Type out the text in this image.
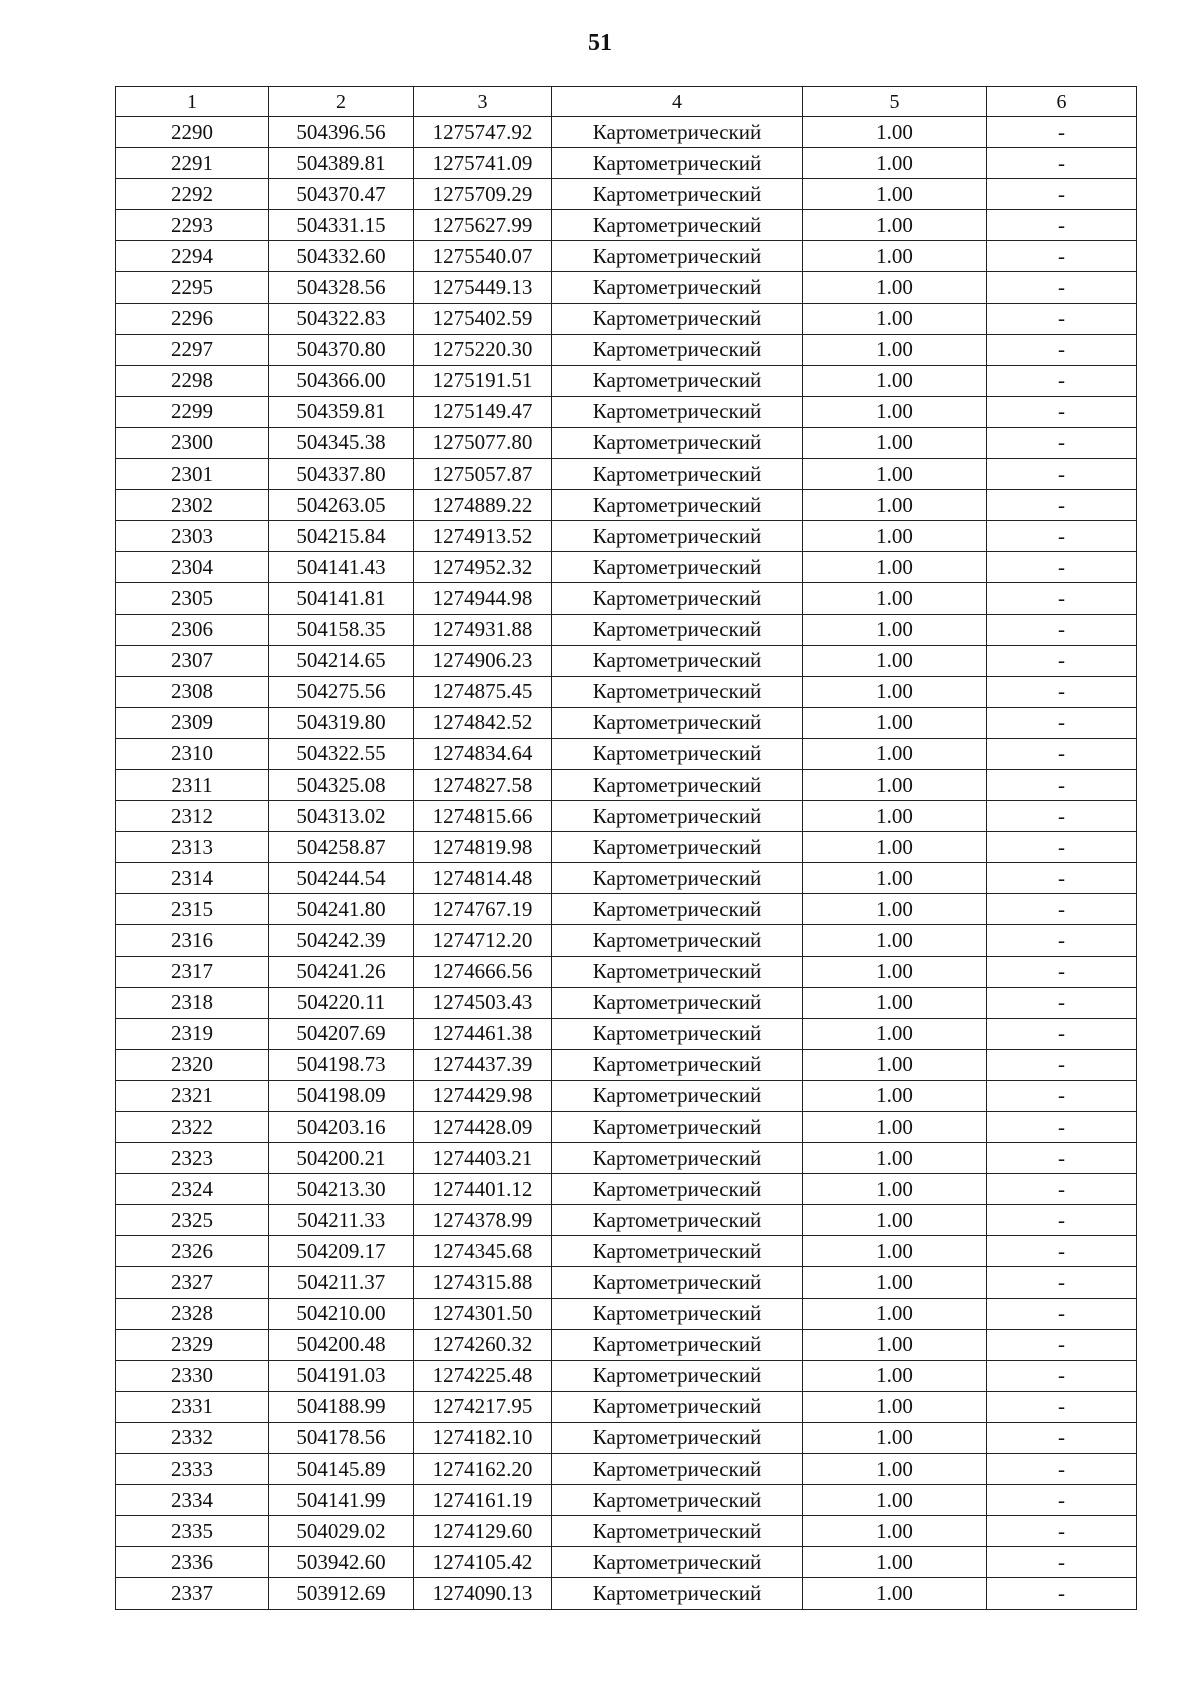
51
1	2	3	4	5	6
2290	504396.56	1275747.92	Картометрический	1.00	-
2291	504389.81	1275741.09	Картометрический	1.00	-
2292	504370.47	1275709.29	Картометрический	1.00	-
2293	504331.15	1275627.99	Картометрический	1.00	-
2294	504332.60	1275540.07	Картометрический	1.00	-
2295	504328.56	1275449.13	Картометрический	1.00	-
2296	504322.83	1275402.59	Картометрический	1.00	-
2297	504370.80	1275220.30	Картометрический	1.00	-
2298	504366.00	1275191.51	Картометрический	1.00	-
2299	504359.81	1275149.47	Картометрический	1.00	-
2300	504345.38	1275077.80	Картометрический	1.00	-
2301	504337.80	1275057.87	Картометрический	1.00	-
2302	504263.05	1274889.22	Картометрический	1.00	-
2303	504215.84	1274913.52	Картометрический	1.00	-
2304	504141.43	1274952.32	Картометрический	1.00	-
2305	504141.81	1274944.98	Картометрический	1.00	-
2306	504158.35	1274931.88	Картометрический	1.00	-
2307	504214.65	1274906.23	Картометрический	1.00	-
2308	504275.56	1274875.45	Картометрический	1.00	-
2309	504319.80	1274842.52	Картометрический	1.00	-
2310	504322.55	1274834.64	Картометрический	1.00	-
2311	504325.08	1274827.58	Картометрический	1.00	-
2312	504313.02	1274815.66	Картометрический	1.00	-
2313	504258.87	1274819.98	Картометрический	1.00	-
2314	504244.54	1274814.48	Картометрический	1.00	-
2315	504241.80	1274767.19	Картометрический	1.00	-
2316	504242.39	1274712.20	Картометрический	1.00	-
2317	504241.26	1274666.56	Картометрический	1.00	-
2318	504220.11	1274503.43	Картометрический	1.00	-
2319	504207.69	1274461.38	Картометрический	1.00	-
2320	504198.73	1274437.39	Картометрический	1.00	-
2321	504198.09	1274429.98	Картометрический	1.00	-
2322	504203.16	1274428.09	Картометрический	1.00	-
2323	504200.21	1274403.21	Картометрический	1.00	-
2324	504213.30	1274401.12	Картометрический	1.00	-
2325	504211.33	1274378.99	Картометрический	1.00	-
2326	504209.17	1274345.68	Картометрический	1.00	-
2327	504211.37	1274315.88	Картометрический	1.00	-
2328	504210.00	1274301.50	Картометрический	1.00	-
2329	504200.48	1274260.32	Картометрический	1.00	-
2330	504191.03	1274225.48	Картометрический	1.00	-
2331	504188.99	1274217.95	Картометрический	1.00	-
2332	504178.56	1274182.10	Картометрический	1.00	-
2333	504145.89	1274162.20	Картометрический	1.00	-
2334	504141.99	1274161.19	Картометрический	1.00	-
2335	504029.02	1274129.60	Картометрический	1.00	-
2336	503942.60	1274105.42	Картометрический	1.00	-
2337	503912.69	1274090.13	Картометрический	1.00	-
